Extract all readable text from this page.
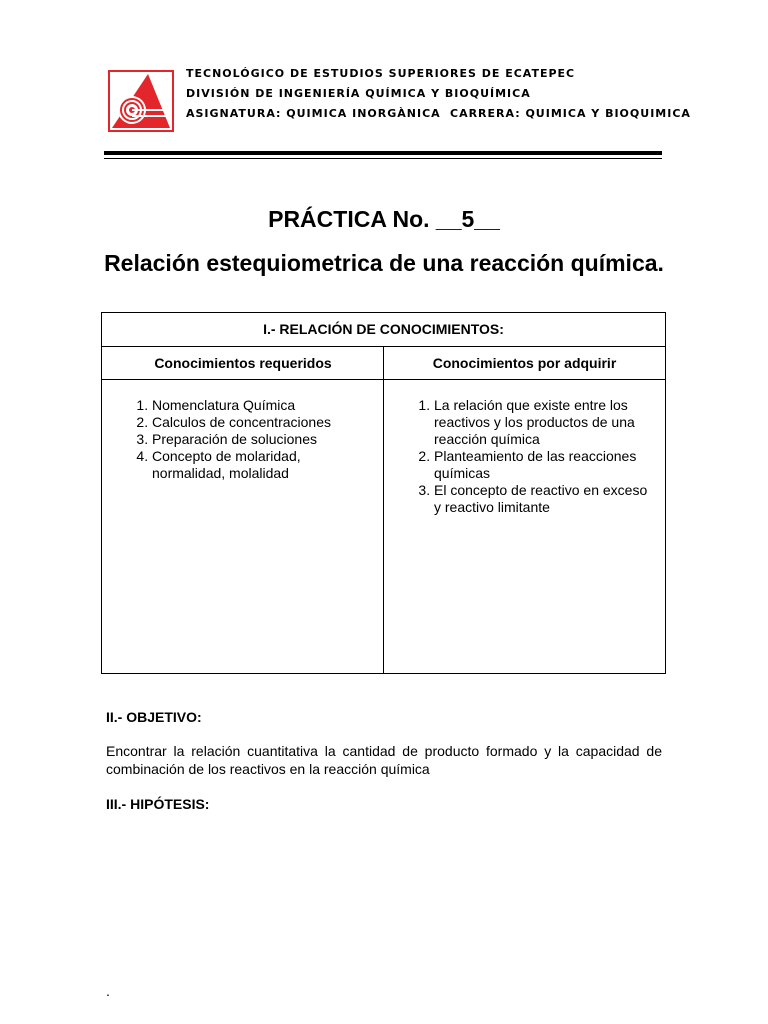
TECNOLÓGICO DE ESTUDIOS SUPERIORES DE ECATEPEC
DIVISIÓN DE INGENIERÍA QUÍMICA Y BIOQUÍMICA
ASIGNATURA: QUIMICA INORGÀNICA CARRERA: QUIMICA Y BIOQUIMICA
PRÁCTICA No. __5__
Relación estequiometrica de una reacción química.
I.- RELACIÓN DE CONOCIMIENTOS:
Conocimientos requeridos	Conocimientos por adquirir
1. Nomenclatura Química
2. Calculos de concentraciones
3. Preparación de soluciones
4. Concepto de molaridad, normalidad, molalidad
1. La relación que existe entre los reactivos y los productos de una reacción química
2. Planteamiento de las reacciones químicas
3. El concepto de reactivo en exceso y reactivo limitante
II.- OBJETIVO:
Encontrar la relación cuantitativa la cantidad de producto formado y la capacidad de combinación de los reactivos en la reacción química
III.- HIPÓTESIS:
.
